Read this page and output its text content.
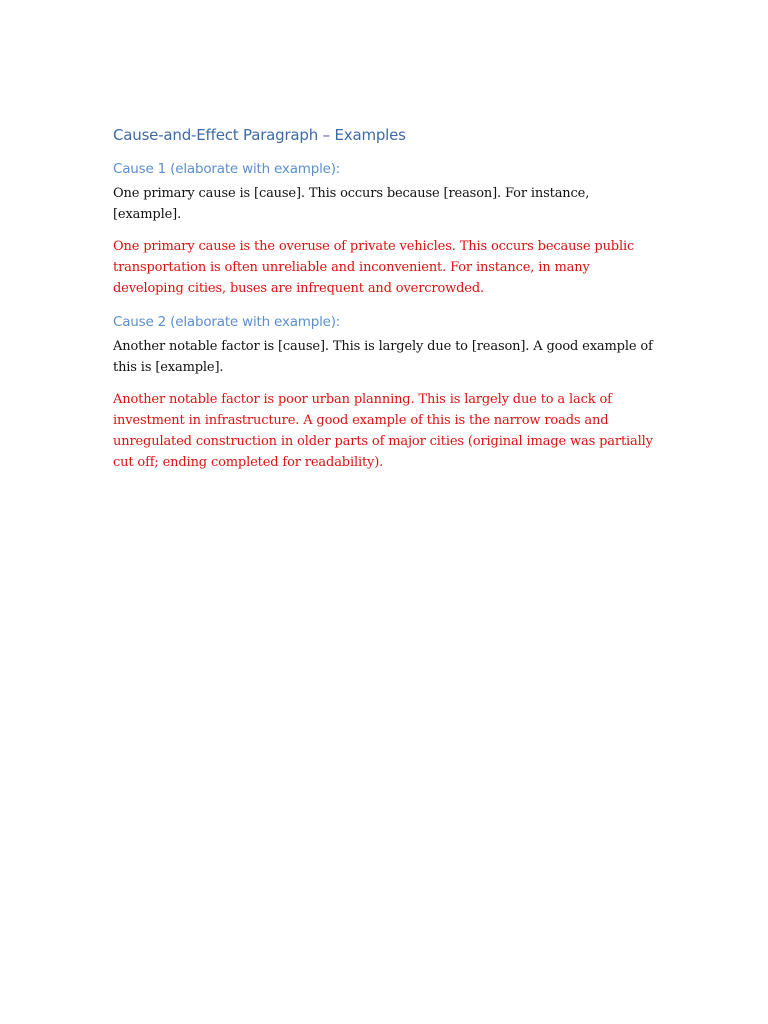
Cause-and-Effect Paragraph – Examples
Cause 1 (elaborate with example):

One primary cause is [cause]. This occurs because [reason]. For instance, [example].

One primary cause is the overuse of private vehicles. This occurs because public transportation is often unreliable and inconvenient. For instance, in many developing cities, buses are infrequent and overcrowded.

Cause 2 (elaborate with example):

Another notable factor is [cause]. This is largely due to [reason]. A good example of this is [example].

Another notable factor is poor urban planning. This is largely due to a lack of investment in infrastructure. A good example of this is the narrow roads and unregulated construction in older parts of major cities (original image was partially cut off; ending completed for readability).
